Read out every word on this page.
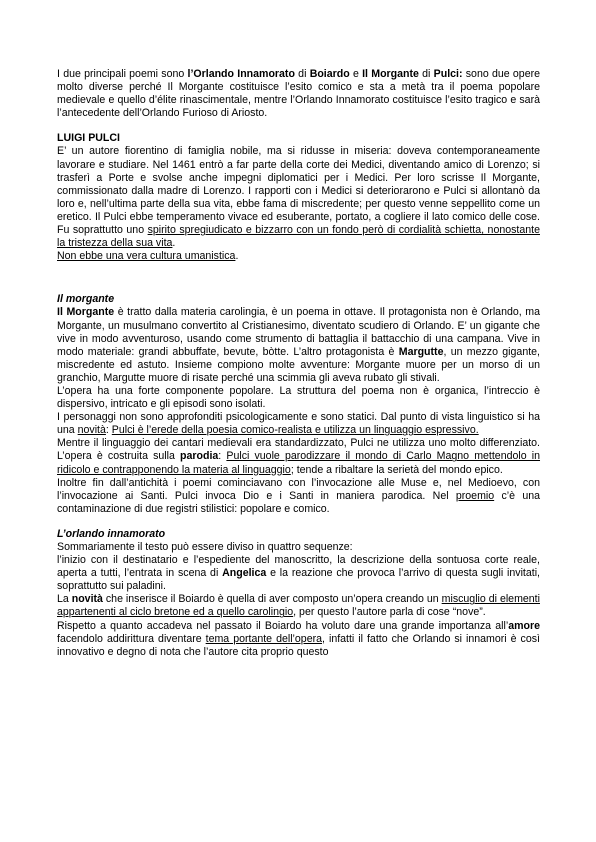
I due principali poemi sono l’Orlando Innamorato di Boiardo e Il Morgante di Pulci: sono due opere molto diverse perché Il Morgante costituisce l’esito comico e sta a metà tra il poema popolare medievale e quello d’élite rinascimentale, mentre l’Orlando Innamorato costituisce l’esito tragico e sarà l’antecedente dell’Orlando Furioso di Ariosto.

LUIGI PULCI

E’ un autore fiorentino di famiglia nobile, ma si ridusse in miseria: doveva contemporaneamente lavorare e studiare. Nel 1461 entrò a far parte della corte dei Medici, diventando amico di Lorenzo; si trasferì a Porte e svolse anche impegni diplomatici per i Medici. Per loro scrisse Il Morgante, commissionato dalla madre di Lorenzo. I rapporti con i Medici si deteriorarono e Pulci si allontanò da loro e, nell’ultima parte della sua vita, ebbe fama di miscredente; per questo venne seppellito come un eretico. Il Pulci ebbe temperamento vivace ed esuberante, portato, a cogliere il lato comico delle cose. Fu soprattutto uno spirito spregiudicato e bizzarro con un fondo però di cordialità schietta, nonostante la tristezza della sua vita.

Non ebbe una vera cultura umanistica.

Il morgante

Il Morgante è tratto dalla materia carolingia, è un poema in ottave. Il protagonista non è Orlando, ma Morgante, un musulmano convertito al Cristianesimo, diventato scudiero di Orlando. E’ un gigante che vive in modo avventuroso, usando come strumento di battaglia il battacchio di una campana. Vive in modo materiale: grandi abbuffate, bevute, bòtte. L’altro protagonista è Margutte, un mezzo gigante, miscredente ed astuto. Insieme compiono molte avventure: Morgante muore per un morso di un granchio, Margutte muore di risate perché una scimmia gli aveva rubato gli stivali.

L’opera ha una forte componente popolare. La struttura del poema non è organica, l’intreccio è dispersivo, intricato e gli episodi sono isolati.

I personaggi non sono approfonditi psicologicamente e sono statici. Dal punto di vista linguistico si ha una novità: Pulci è l’erede della poesia comico-realista e utilizza un linguaggio espressivo.

Mentre il linguaggio dei cantari medievali era standardizzato, Pulci ne utilizza uno molto differenziato. L’opera è costruita sulla parodia: Pulci vuole parodizzare il mondo di Carlo Magno mettendolo in ridicolo e contrapponendo la materia al linguaggio; tende a ribaltare la serietà del mondo epico.

Inoltre fin dall’antichità i poemi cominciavano con l’invocazione alle Muse e, nel Medioevo, con l’invocazione ai Santi. Pulci invoca Dio e i Santi in maniera parodica. Nel proemio c’è una contaminazione di due registri stilistici: popolare e comico.

L’orlando innamorato

Sommariamente il testo può essere diviso in quattro sequenze:

l’inizio con il destinatario e l’espediente del manoscritto, la descrizione della sontuosa corte reale, aperta a tutti, l’entrata in scena di Angelica e la reazione che provoca l’arrivo di questa sugli invitati, soprattutto sui paladini.

La novità che inserisce il Boiardo è quella di aver composto un’opera creando un miscuglio di elementi appartenenti al ciclo bretone ed a quello carolingio, per questo l’autore parla di cose “nove”.

Rispetto a quanto accadeva nel passato il Boiardo ha voluto dare una grande importanza all’amore facendolo addirittura diventare tema portante dell’opera, infatti il fatto che Orlando si innamori è così innovativo e degno di nota che l’autore cita proprio questo
